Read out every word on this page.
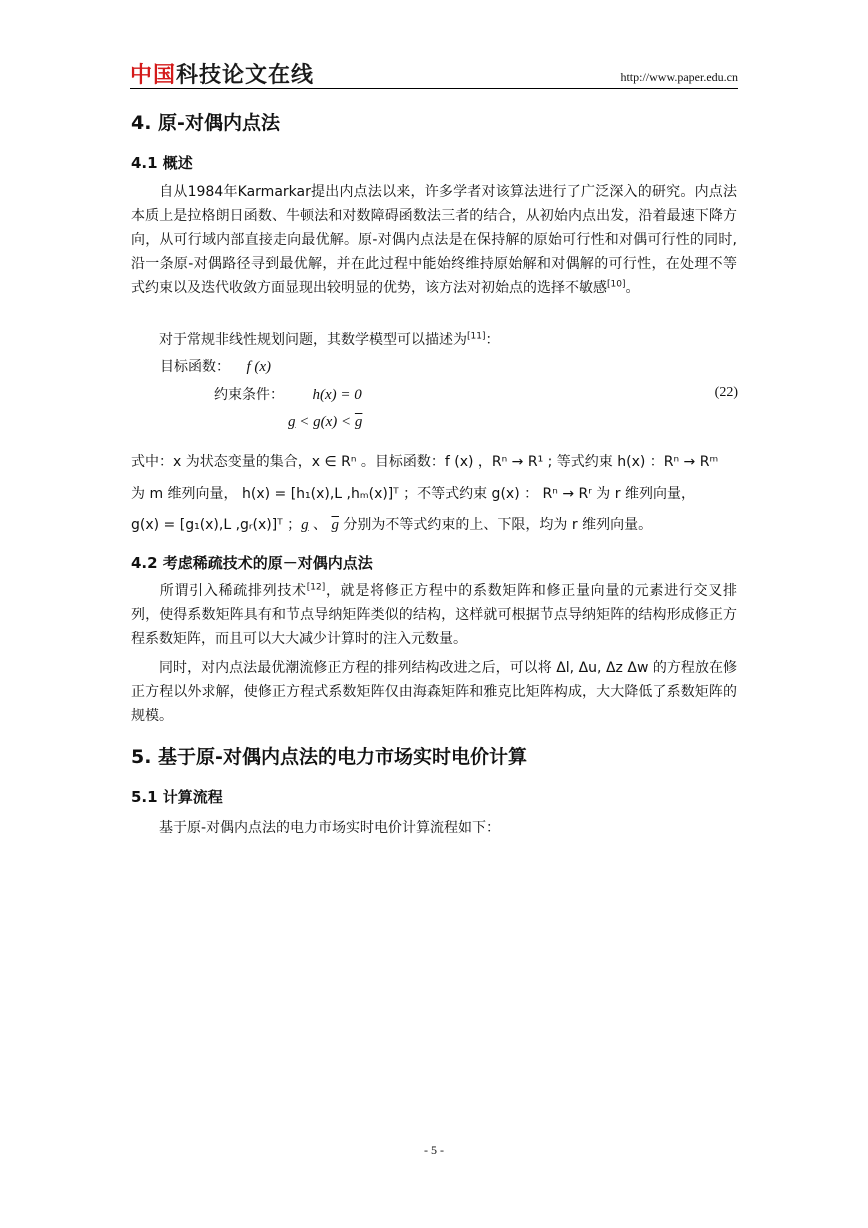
中国科技论文在线	http://www.paper.edu.cn
4. 原-对偶内点法
4.1 概述
自从1984年Karmarkar提出内点法以来，许多学者对该算法进行了广泛深入的研究。内点法本质上是拉格朗日函数、牛顿法和对数障碍函数法三者的结合，从初始内点出发，沿着最速下降方向，从可行域内部直接走向最优解。原-对偶内点法是在保持解的原始可行性和对偶可行性的同时, 沿一条原-对偶路径寻到最优解，并在此过程中能始终维持原始解和对偶解的可行性，在处理不等式约束以及迭代收敛方面显现出较明显的优势，该方法对初始点的选择不敏感[10]。
对于常规非线性规划问题，其数学模型可以描述为[11]：
目标函数： f (x)
约束条件： h(x) = 0	(22)
$g < g(x) < \overline{g}$
式中：x 为状态变量的集合，x ∈ Rⁿ 。目标函数：f (x) ，Rⁿ → R¹ ; 等式约束 h(x) ：Rⁿ → Rᵐ
为 m 维列向量， h(x) = [h₁(x),L ,hₘ(x)]ᵀ ；不等式约束 g(x) ： Rⁿ → Rʳ 为 r 维列向量，
g(x) = [g₁(x),L ,gᵣ(x)]ᵀ ；g 、 $\overline{g}$ 分别为不等式约束的上、下限，均为 r 维列向量。
4.2 考虑稀疏技术的原－对偶内点法
所谓引入稀疏排列技术[12]，就是将修正方程中的系数矩阵和修正量向量的元素进行交叉排列，使得系数矩阵具有和节点导纳矩阵类似的结构，这样就可根据节点导纳矩阵的结构形成修正方程系数矩阵，而且可以大大减少计算时的注入元数量。
同时，对内点法最优潮流修正方程的排列结构改进之后，可以将 Δl, Δu, Δz Δw 的方程放在修正方程以外求解，使修正方程式系数矩阵仅由海森矩阵和雅克比矩阵构成，大大降低了系数矩阵的规模。
5. 基于原-对偶内点法的电力市场实时电价计算
5.1 计算流程
基于原-对偶内点法的电力市场实时电价计算流程如下：
- 5 -
